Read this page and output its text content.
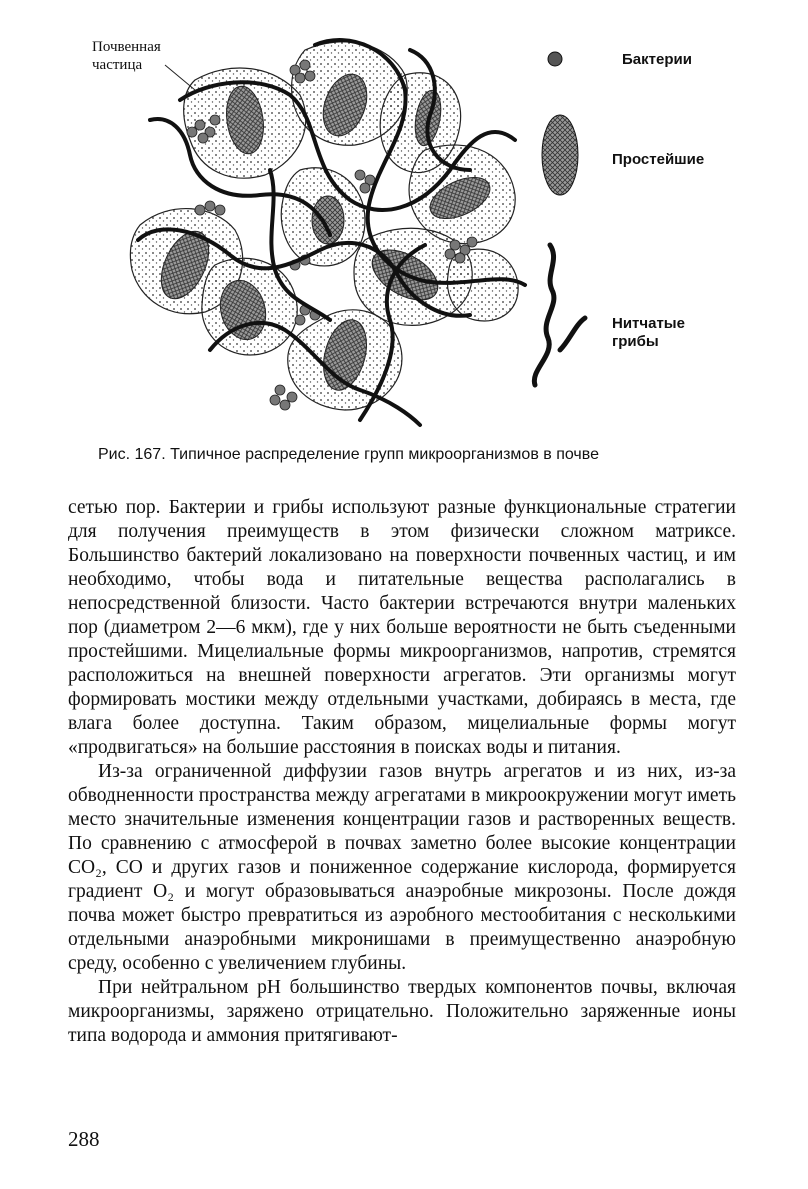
Почвенная
частица	Бактерии
Простейшие
Нитчатые
грибы
Рис. 167. Типичное распределение групп микроорганизмов в почве

сетью пор. Бактерии и грибы используют разные функциональные стратегии для получения преимуществ в этом физически сложном матриксе. Большинство бактерий локализовано на поверхности почвенных частиц, и им необходимо, чтобы вода и питательные вещества располагались в непосредственной близости. Часто бактерии встречаются внутри маленьких пор (диаметром 2—6 мкм), где у них больше вероятности не быть съеденными простейшими. Мицелиальные формы микроорганизмов, напротив, стремятся расположиться на внешней поверхности агрегатов. Эти организмы могут формировать мостики между отдельными участками, добираясь в места, где влага более доступна. Таким образом, мицелиальные формы могут «продвигаться» на большие расстояния в поисках воды и питания.

Из-за ограниченной диффузии газов внутрь агрегатов и из них, из-за обводненности пространства между агрегатами в микроокружении могут иметь место значительные изменения концентрации газов и растворенных веществ. По сравнению с атмосферой в почвах заметно более высокие концентрации CO₂, CO и других газов и пониженное содержание кислорода, формируется градиент O₂ и могут образовываться анаэробные микрозоны. После дождя почва может быстро превратиться из аэробного местообитания с несколькими отдельными анаэробными микронишами в преимущественно анаэробную среду, особенно с увеличением глубины.

При нейтральном pH большинство твердых компонентов почвы, включая микроорганизмы, заряжено отрицательно. Положительно заряженные ионы типа водорода и аммония притягивают-

288
